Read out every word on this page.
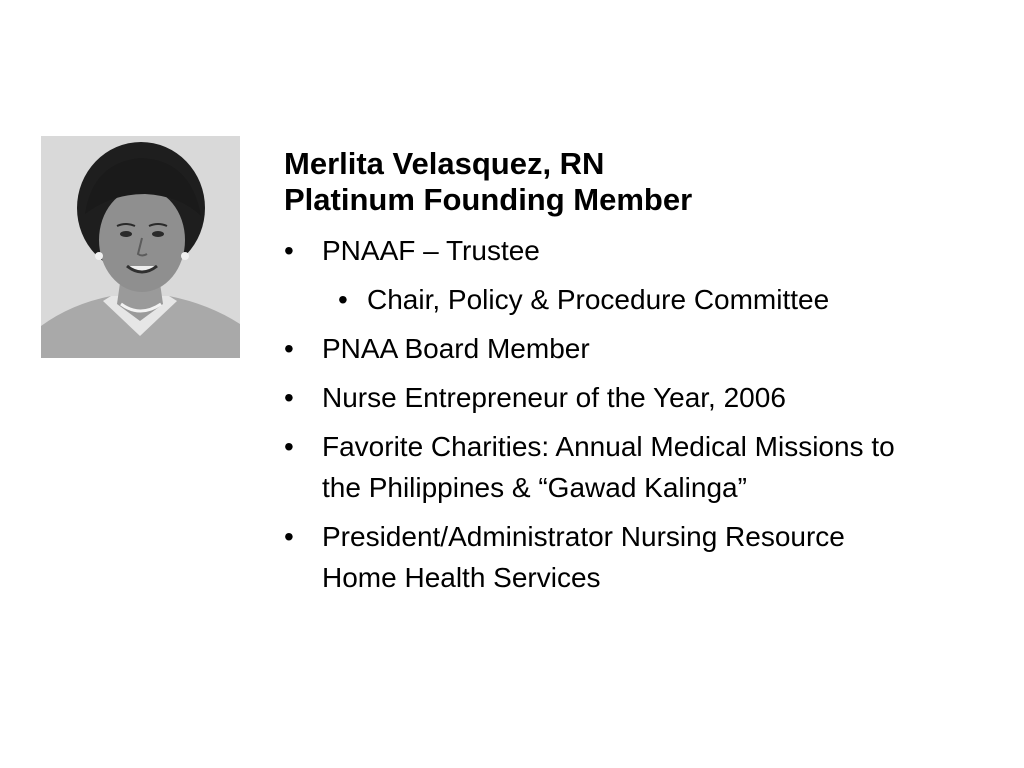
Merlita Velasquez, RN
Platinum Founding Member
•	PNAAF – Trustee
• Chair, Policy & Procedure Committee
•	PNAA Board Member
•	Nurse Entrepreneur of the Year, 2006
•	Favorite Charities: Annual Medical Missions to the Philippines & “Gawad Kalinga”
•	President/Administrator Nursing Resource Home Health Services
